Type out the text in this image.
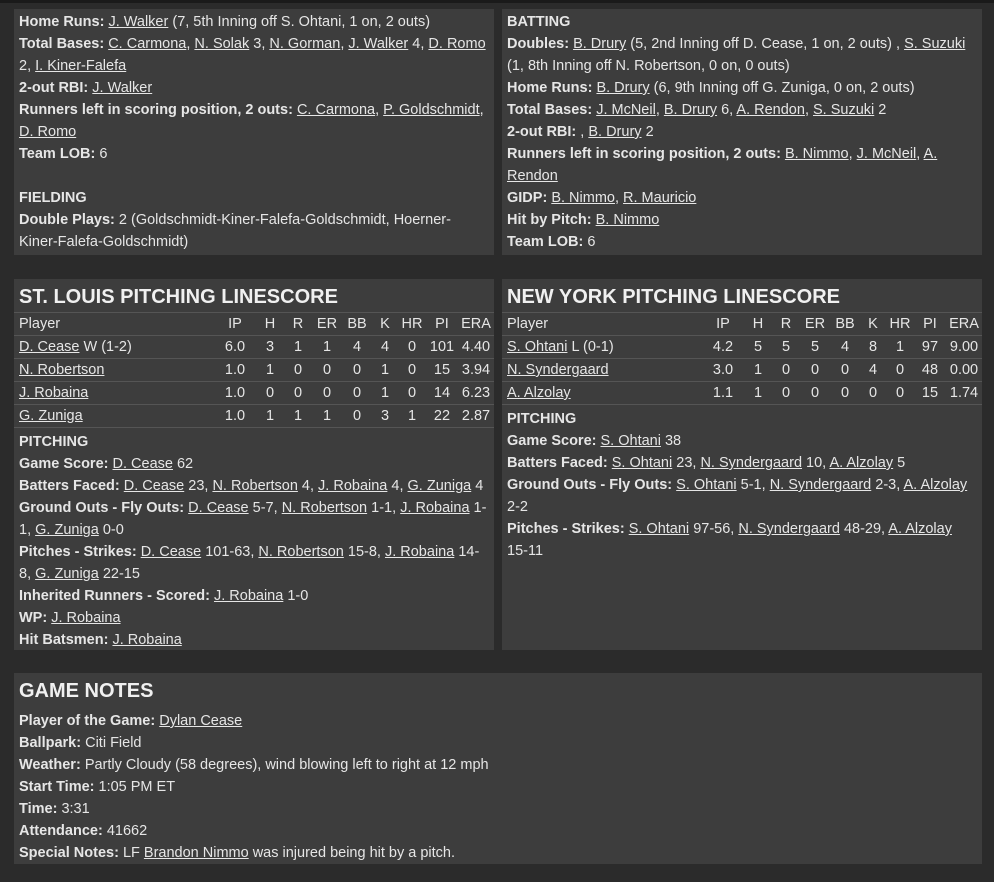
Home Runs: J. Walker (7, 5th Inning off S. Ohtani, 1 on, 2 outs)
Total Bases: C. Carmona, N. Solak 3, N. Gorman, J. Walker 4, D. Romo 2, I. Kiner-Falefa
2-out RBI: J. Walker
Runners left in scoring position, 2 outs: C. Carmona, P. Goldschmidt, D. Romo
Team LOB: 6
FIELDING
Double Plays: 2 (Goldschmidt-Kiner-Falefa-Goldschmidt, Hoerner-Kiner-Falefa-Goldschmidt)
BATTING
Doubles: B. Drury (5, 2nd Inning off D. Cease, 1 on, 2 outs) , S. Suzuki (1, 8th Inning off N. Robertson, 0 on, 0 outs)
Home Runs: B. Drury (6, 9th Inning off G. Zuniga, 0 on, 2 outs)
Total Bases: J. McNeil, B. Drury 6, A. Rendon, S. Suzuki 2
2-out RBI: , B. Drury 2
Runners left in scoring position, 2 outs: B. Nimmo, J. McNeil, A. Rendon
GIDP: B. Nimmo, R. Mauricio
Hit by Pitch: B. Nimmo
Team LOB: 6
ST. LOUIS PITCHING LINESCORE
Player	IP	H	R	ER	BB	K	HR	PI	ERA
D. Cease W (1-2)	6.0	3	1	1	4	4	0	101	4.40
N. Robertson	1.0	1	0	0	0	1	0	15	3.94
J. Robaina	1.0	0	0	0	0	1	0	14	6.23
G. Zuniga	1.0	1	1	1	0	3	1	22	2.87
PITCHING
Game Score: D. Cease 62
Batters Faced: D. Cease 23, N. Robertson 4, J. Robaina 4, G. Zuniga 4
Ground Outs - Fly Outs: D. Cease 5-7, N. Robertson 1-1, J. Robaina 1-1, G. Zuniga 0-0
Pitches - Strikes: D. Cease 101-63, N. Robertson 15-8, J. Robaina 14-8, G. Zuniga 22-15
Inherited Runners - Scored: J. Robaina 1-0
WP: J. Robaina
Hit Batsmen: J. Robaina
NEW YORK PITCHING LINESCORE
Player	IP	H	R	ER	BB	K	HR	PI	ERA
S. Ohtani L (0-1)	4.2	5	5	5	4	8	1	97	9.00
N. Syndergaard	3.0	1	0	0	0	4	0	48	0.00
A. Alzolay	1.1	1	0	0	0	0	0	15	1.74
PITCHING
Game Score: S. Ohtani 38
Batters Faced: S. Ohtani 23, N. Syndergaard 10, A. Alzolay 5
Ground Outs - Fly Outs: S. Ohtani 5-1, N. Syndergaard 2-3, A. Alzolay 2-2
Pitches - Strikes: S. Ohtani 97-56, N. Syndergaard 48-29, A. Alzolay 15-11
GAME NOTES
Player of the Game: Dylan Cease
Ballpark: Citi Field
Weather: Partly Cloudy (58 degrees), wind blowing left to right at 12 mph
Start Time: 1:05 PM ET
Time: 3:31
Attendance: 41662
Special Notes: LF Brandon Nimmo was injured being hit by a pitch.
